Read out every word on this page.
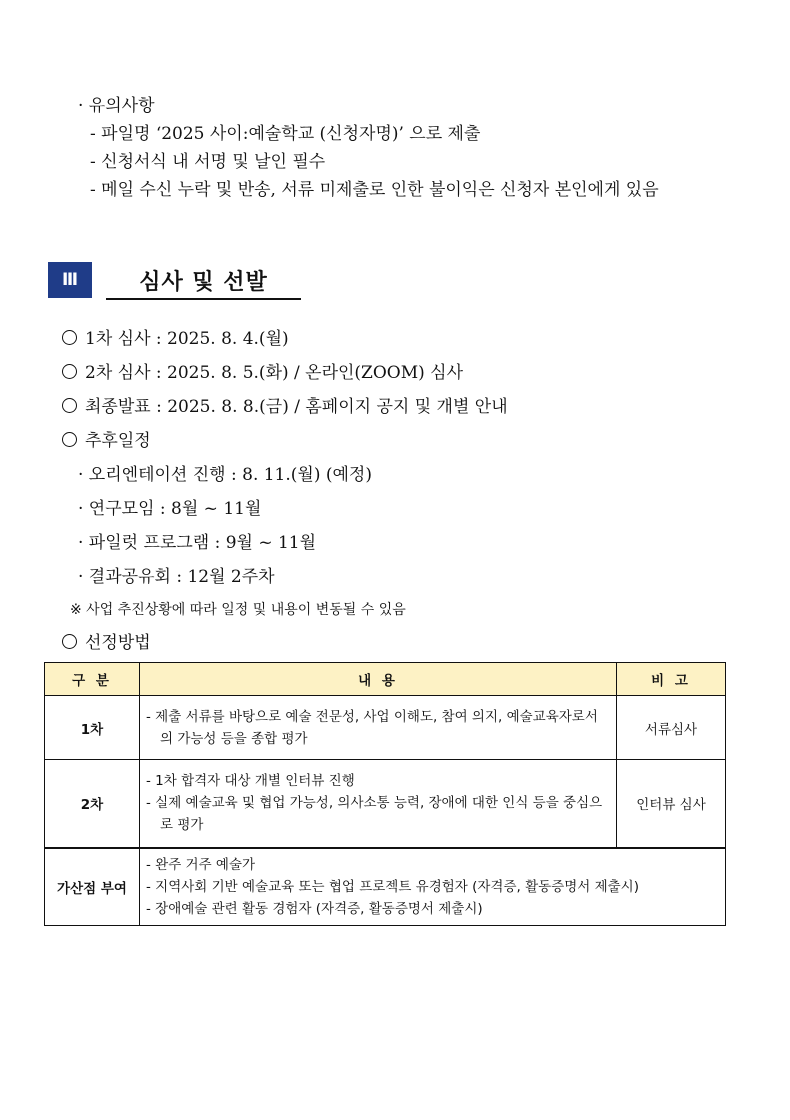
· 유의사항
- 파일명 ‘2025 사이:예술학교 (신청자명)’ 으로 제출
- 신청서식 내 서명 및 날인 필수
- 메일 수신 누락 및 반송, 서류 미제출로 인한 불이익은 신청자 본인에게 있음
Ⅲ	심사 및 선발
1차 심사 : 2025. 8. 4.(월)
2차 심사 : 2025. 8. 5.(화) / 온라인(ZOOM) 심사
최종발표 : 2025. 8. 8.(금) / 홈페이지 공지 및 개별 안내
추후일정
· 오리엔테이션 진행 : 8. 11.(월) (예정)
· 연구모임 : 8월 ~ 11월
· 파일럿 프로그램 : 9월 ~ 11월
· 결과공유회 : 12월 2주차
※ 사업 추진상황에 따라 일정 및 내용이 변동될 수 있음
선정방법
구 분	내 용	비 고
1차	- 제출 서류를 바탕으로 예술 전문성, 사업 이해도, 참여 의지, 예술교육자로서의 가능성 등을 종합 평가	서류심사
2차	- 1차 합격자 대상 개별 인터뷰 진행
- 실제 예술교육 및 협업 가능성, 의사소통 능력, 장애에 대한 인식 등을 중심으로 평가	인터뷰 심사
가산점 부여	- 완주 거주 예술가
- 지역사회 기반 예술교육 또는 협업 프로젝트 유경험자 (자격증, 활동증명서 제출시)
- 장애예술 관련 활동 경험자 (자격증, 활동증명서 제출시)	
